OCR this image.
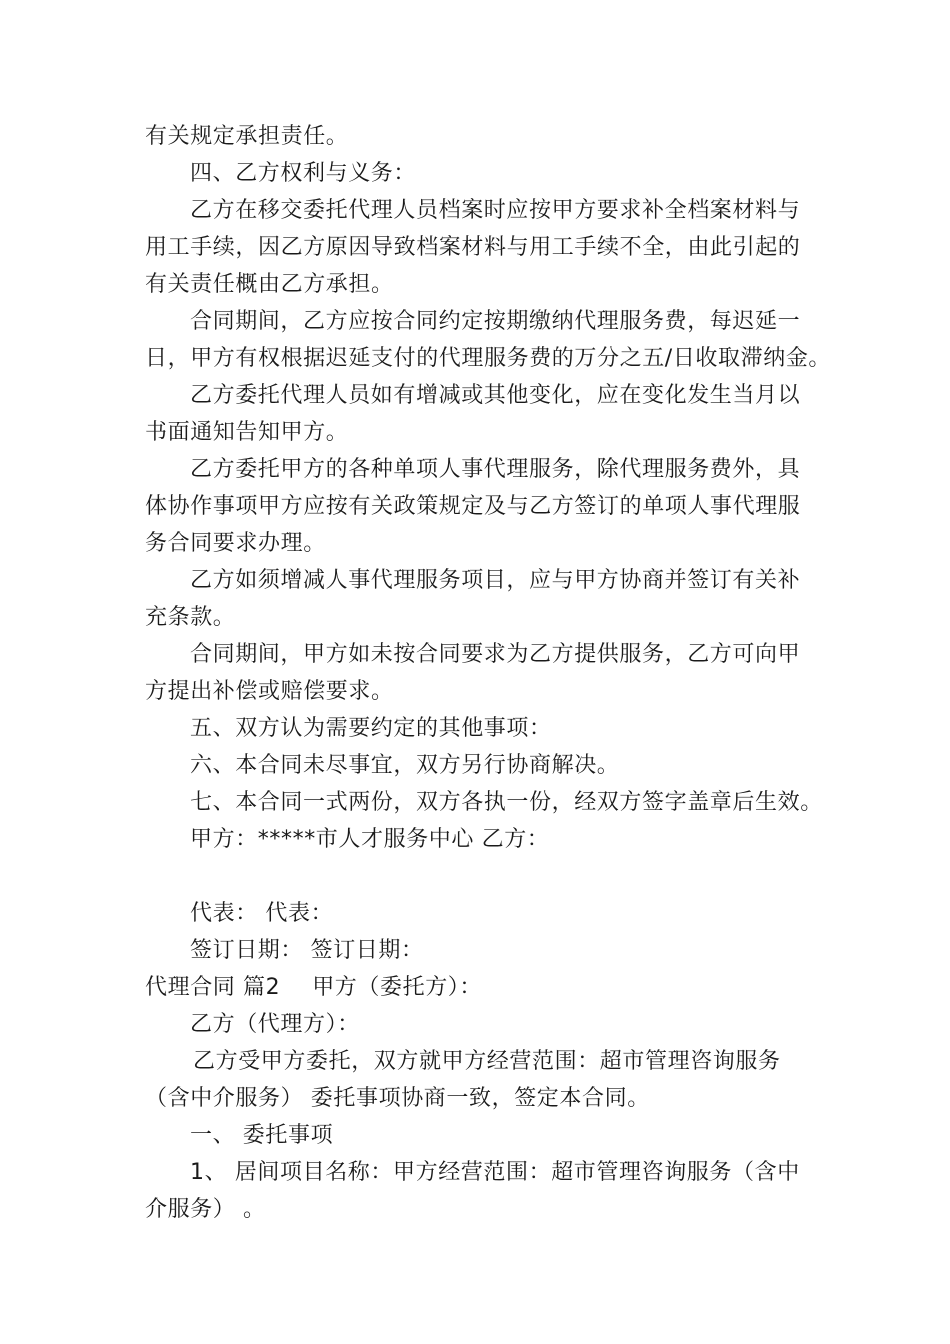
有关规定承担责任。
四、乙方权利与义务：
乙方在移交委托代理人员档案时应按甲方要求补全档案材料与
用工手续，因乙方原因导致档案材料与用工手续不全，由此引起的
有关责任概由乙方承担。
合同期间，乙方应按合同约定按期缴纳代理服务费，每迟延一
日，甲方有权根据迟延支付的代理服务费的万分之五/日收取滞纳金。
乙方委托代理人员如有增减或其他变化，应在变化发生当月以
书面通知告知甲方。
乙方委托甲方的各种单项人事代理服务，除代理服务费外，具
体协作事项甲方应按有关政策规定及与乙方签订的单项人事代理服
务合同要求办理。
乙方如须增减人事代理服务项目，应与甲方协商并签订有关补
充条款。
合同期间，甲方如未按合同要求为乙方提供服务，乙方可向甲
方提出补偿或赔偿要求。
五、双方认为需要约定的其他事项：
六、本合同未尽事宜，双方另行协商解决。
七、本合同一式两份，双方各执一份，经双方签字盖章后生效。
甲方：*****市人才服务中心 乙方：
代表： 代表：
签订日期： 签订日期：
代理合同 篇2 甲方（委托方）：
乙方（代理方）：
乙方受甲方委托，双方就甲方经营范围：超市管理咨询服务
（含中介服务） 委托事项协商一致，签定本合同。
一、 委托事项
1、 居间项目名称：甲方经营范围：超市管理咨询服务（含中
介服务） 。
